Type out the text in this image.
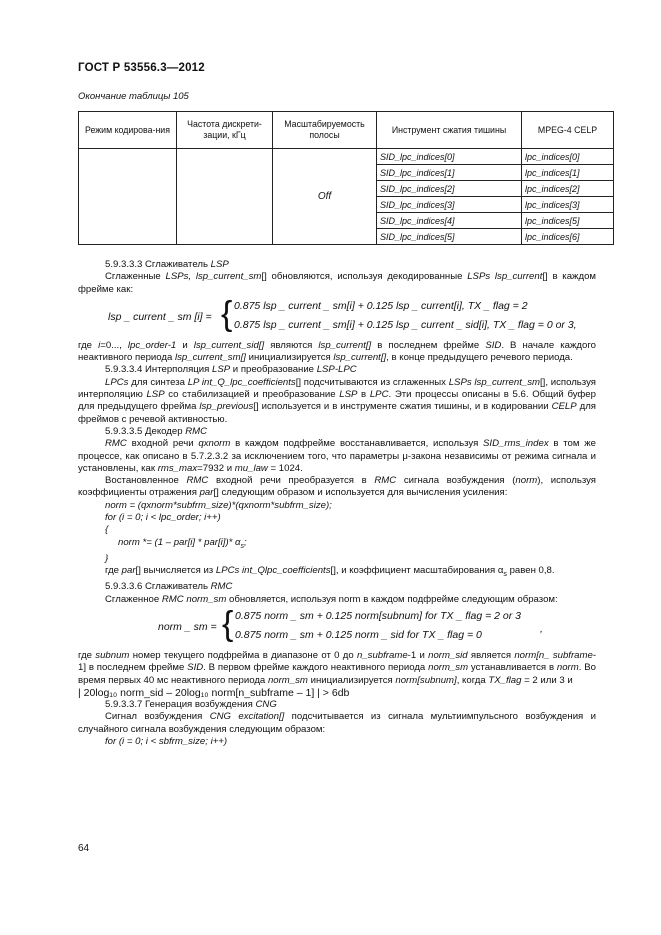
ГОСТ Р 53556.3—2012
Окончание таблицы 105
Режим кодирова-ния	Частота дискрети-зации, кГц	Масштабируемость полосы	Инструмент сжатия тишины	MPEG-4 CELP
		Off	SID_lpc_indices[0]	lpc_indices[0]
			SID_lpc_indices[1]	lpc_indices[1]
			SID_lpc_indices[2]	lpc_indices[2]
			SID_lpc_indices[3]	lpc_indices[3]
			SID_lpc_indices[4]	lpc_indices[5]
			SID_lpc_indices[5]	lpc_indices[6]

5.9.3.3.3 Сглаживатель LSP

Сглаженные LSPs, lsp_current_sm[] обновляются, используя декодированные LSPs lsp_current[] в каждом фрейме как:

lsp _ current _ sm [i] = { 0.875 lsp _ current _ sm[i] + 0.125 lsp _ current[i], TX _ flag = 2
0.875 lsp _ current _ sm[i] + 0.125 lsp _ current _ sid[i], TX _ flag = 0 or 3,

где i=0..., lpc_order-1 и lsp_current_sid[] являются lsp_current[] в последнем фрейме SID. В начале каждого неактивного периода lsp_current_sm[] инициализируется lsp_current[], в конце предыдущего речевого периода.

5.9.3.3.4 Интерполяция LSP и преобразование LSP-LPC

LPCs для синтеза LP int_Q_lpc_coefficients[] подсчитываются из сглаженных LSPs lsp_current_sm[], используя интерполяцию LSP со стабилизацией и преобразование LSP в LPC. Эти процессы описаны в 5.6. Общий буфер для предыдущего фрейма lsp_previous[] используется и в инструменте сжатия тишины, и в кодировании CELP для фреймов с речевой активностью.

5.9.3.3.5 Декодер RMC

RMC входной речи qxnorm в каждом подфрейме восстанавливается, используя SID_rms_index в том же процессе, как описано в 5.7.2.3.2 за исключением того, что параметры μ-закона независимы от режима сигнала и установлены, как rms_max=7932 и mu_law = 1024.

Востановленное RMC входной речи преобразуется в RMC сигнала возбуждения (norm), используя коэффициенты отражения par[] следующим образом и используется для вычисления усиления:

norm = (qxnorm*subfrm_size)*(qxnorm*subfrm_size);

for (i = 0; i < lpc_order; i++)

{

norm *= (1 – par[i] * par[i])* $\alpha_s$;

}

где par[] вычисляется из LPCs int_Qlpc_coefficients[], и коэффициент масштабирования $\alpha_s$ равен 0,8.

5.9.3.3.6 Сглаживатель RMC

Сглаженное RMC norm_sm обновляется, используя norm в каждом подфрейме следующим образом:

norm _ sm = { 0.875 norm _ sm + 0.125 norm[subnum] for TX _ flag = 2 or 3
0.875 norm _ sm + 0.125 norm _ sid for TX _ flag = 0	,

где subnum номер текущего подфрейма в диапазоне от 0 до n_subframe-1 и norm_sid является norm[n_ subframe- 1] в последнем фрейме SID. В первом фрейме каждого неактивного периода norm_sm устанавливается в norm. Во время первых 40 мс неактивного периода norm_sm инициализируется norm[subnum], когда TX_flag = 2 или 3 и

| 20log₁₀ norm_sid – 20log₁₀ norm[n_subframe – 1] | > 6db

5.9.3.3.7 Генерация возбуждения CNG

Сигнал возбуждения CNG excitation[] подсчитывается из сигнала мультиимпульсного возбуждения и случайного сигнала возбуждения следующим образом:

for (i = 0; i < sbfrm_size; i++)

64
